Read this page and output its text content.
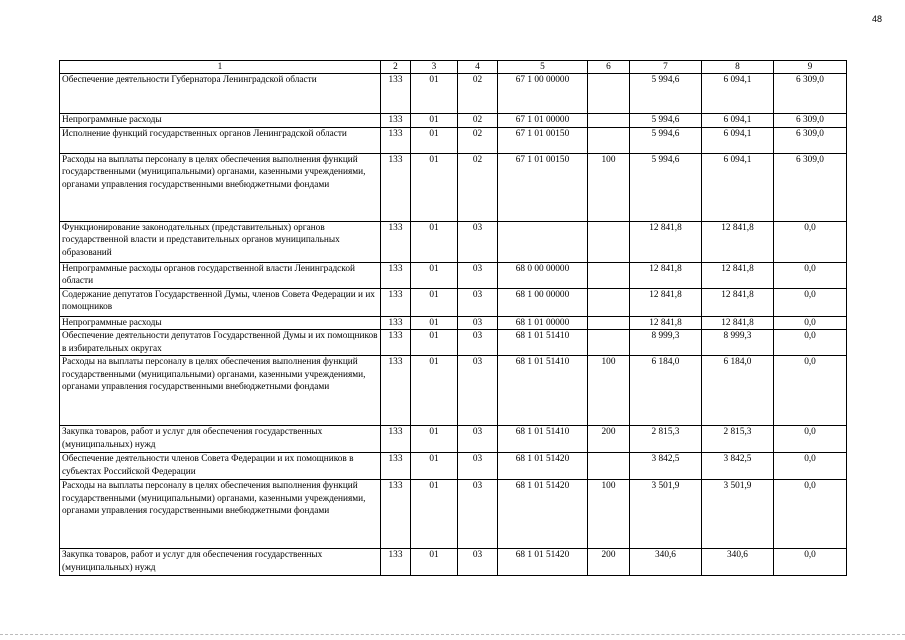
48
1	2	3	4	5	6	7	8	9
Обеспечение деятельности Губернатора Ленинградской области	133	01	02	67 1 00 00000		5 994,6	6 094,1	6 309,0
Непрограммные расходы	133	01	02	67 1 01 00000		5 994,6	6 094,1	6 309,0
Исполнение функций государственных органов Ленинградской области	133	01	02	67 1 01 00150		5 994,6	6 094,1	6 309,0
Расходы на выплаты персоналу в целях обеспечения выполнения функций государственными (муниципальными) органами, казенными учреждениями, органами управления государственными внебюджетными фондами	133	01	02	67 1 01 00150	100	5 994,6	6 094,1	6 309,0
Функционирование законодательных (представительных) органов государственной власти и представительных органов муниципальных образований	133	01	03			12 841,8	12 841,8	0,0
Непрограммные расходы органов государственной власти Ленинградской области	133	01	03	68 0 00 00000		12 841,8	12 841,8	0,0
Содержание депутатов Государственной Думы, членов Совета Федерации и их помощников	133	01	03	68 1 00 00000		12 841,8	12 841,8	0,0
Непрограммные расходы	133	01	03	68 1 01 00000		12 841,8	12 841,8	0,0
Обеспечение деятельности депутатов Государственной Думы и их помощников в избирательных округах	133	01	03	68 1 01 51410		8 999,3	8 999,3	0,0
Расходы на выплаты персоналу в целях обеспечения выполнения функций государственными (муниципальными) органами, казенными учреждениями, органами управления государственными внебюджетными фондами	133	01	03	68 1 01 51410	100	6 184,0	6 184,0	0,0
Закупка товаров, работ и услуг для обеспечения государственных (муниципальных) нужд	133	01	03	68 1 01 51410	200	2 815,3	2 815,3	0,0
Обеспечение деятельности членов Совета Федерации и их помощников в субъектах Российской Федерации	133	01	03	68 1 01 51420		3 842,5	3 842,5	0,0
Расходы на выплаты персоналу в целях обеспечения выполнения функций государственными (муниципальными) органами, казенными учреждениями, органами управления государственными внебюджетными фондами	133	01	03	68 1 01 51420	100	3 501,9	3 501,9	0,0
Закупка товаров, работ и услуг для обеспечения государственных (муниципальных) нужд	133	01	03	68 1 01 51420	200	340,6	340,6	0,0
